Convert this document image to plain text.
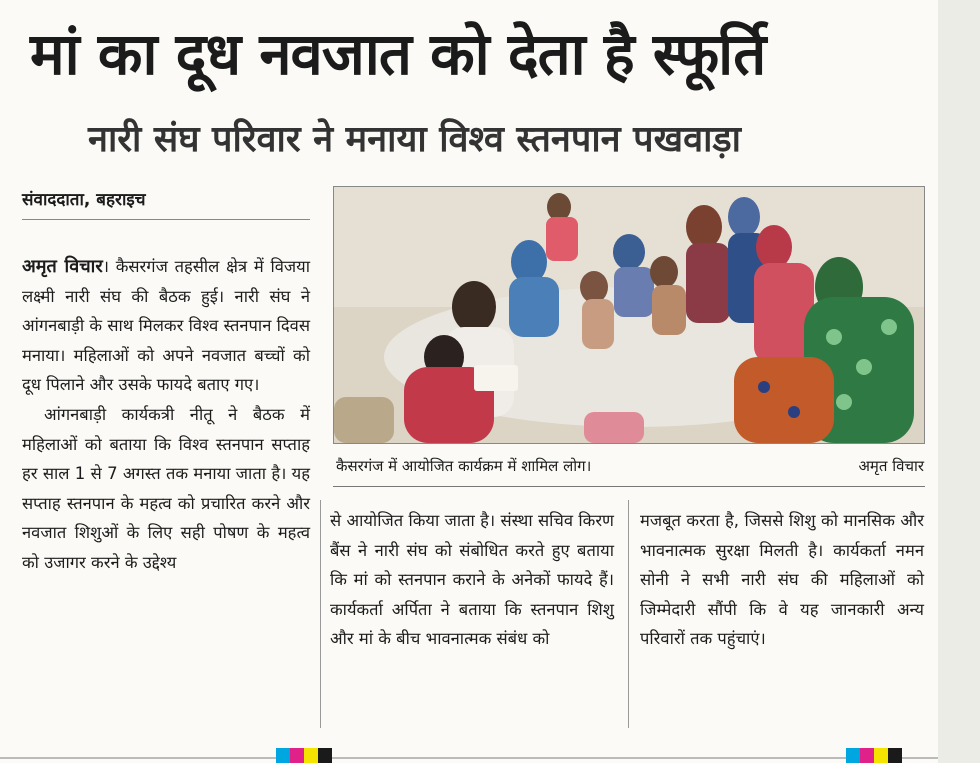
मां का दूध नवजात को देता है स्फूर्ति
नारी संघ परिवार ने मनाया विश्व स्तनपान पखवाड़ा
संवाददाता, बहराइच

अमृत विचार। कैसरगंज तहसील क्षेत्र में विजया लक्ष्मी नारी संघ की बैठक हुई। नारी संघ ने आंगनबाड़ी के साथ मिलकर विश्व स्तनपान दिवस मनाया। महिलाओं को अपने नवजात बच्चों को दूध पिलाने और उसके फायदे बताए गए।

आंगनबाड़ी कार्यकत्री नीतू ने बैठक में महिलाओं को बताया कि विश्व स्तनपान सप्ताह हर साल 1 से 7 अगस्त तक मनाया जाता है। यह सप्ताह स्तनपान के महत्व को प्रचारित करने और नवजात शिशुओं के लिए सही पोषण के महत्व को उजागर करने के उद्देश्य

कैसरगंज में आयोजित कार्यक्रम में शामिल लोग।	अमृत विचार

से आयोजित किया जाता है। संस्था सचिव किरण बैंस ने नारी संघ को संबोधित करते हुए बताया कि मां को स्तनपान कराने के अनेकों फायदे हैं। कार्यकर्ता अर्पिता ने बताया कि स्तनपान शिशु और मां के बीच भावनात्मक संबंध को

मजबूत करता है, जिससे शिशु को मानसिक और भावनात्मक सुरक्षा मिलती है। कार्यकर्ता नमन सोनी ने सभी नारी संघ की महिलाओं को जिम्मेदारी सौंपी कि वे यह जानकारी अन्य परिवारों तक पहुंचाएं।
